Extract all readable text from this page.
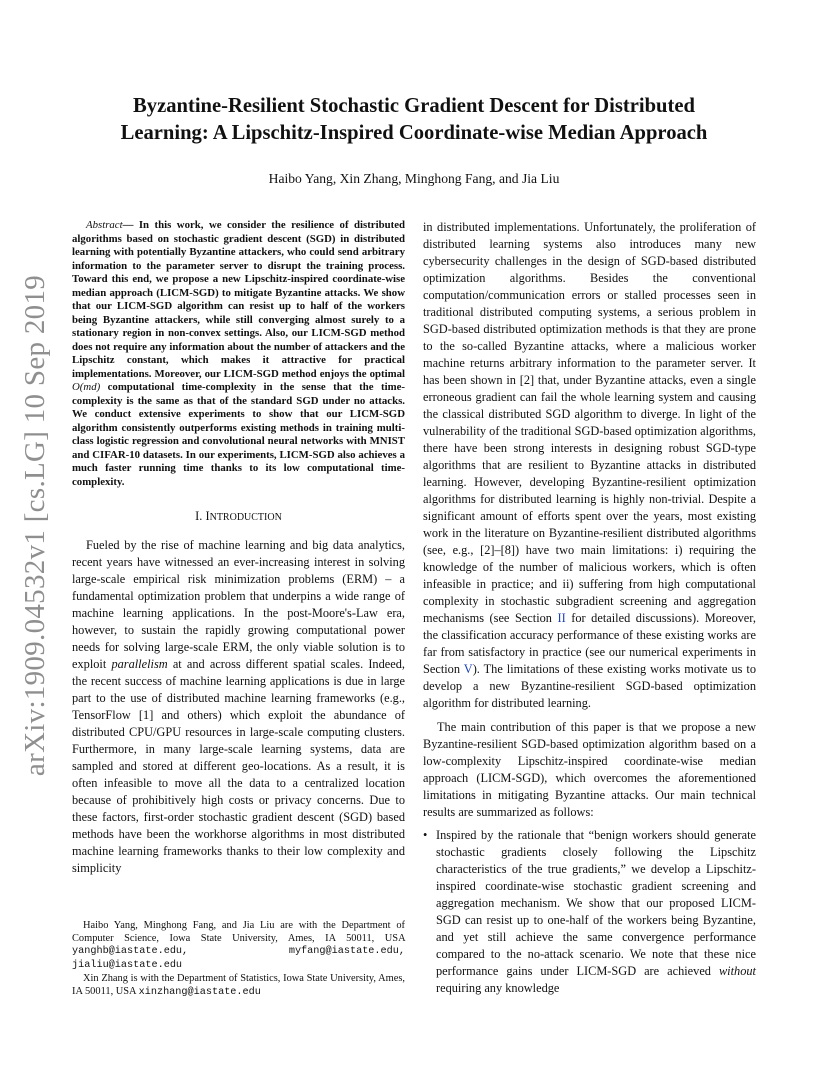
arXiv:1909.04532v1 [cs.LG] 10 Sep 2019
Byzantine-Resilient Stochastic Gradient Descent for Distributed Learning: A Lipschitz-Inspired Coordinate-wise Median Approach
Haibo Yang, Xin Zhang, Minghong Fang, and Jia Liu

Abstract— In this work, we consider the resilience of distributed algorithms based on stochastic gradient descent (SGD) in distributed learning with potentially Byzantine attackers, who could send arbitrary information to the parameter server to disrupt the training process. Toward this end, we propose a new Lipschitz-inspired coordinate-wise median approach (LICM-SGD) to mitigate Byzantine attacks. We show that our LICM-SGD algorithm can resist up to half of the workers being Byzantine attackers, while still converging almost surely to a stationary region in non-convex settings. Also, our LICM-SGD method does not require any information about the number of attackers and the Lipschitz constant, which makes it attractive for practical implementations. Moreover, our LICM-SGD method enjoys the optimal O(md) computational time-complexity in the sense that the time-complexity is the same as that of the standard SGD under no attacks. We conduct extensive experiments to show that our LICM-SGD algorithm consistently outperforms existing methods in training multi-class logistic regression and convolutional neural networks with MNIST and CIFAR-10 datasets. In our experiments, LICM-SGD also achieves a much faster running time thanks to its low computational time-complexity.

I. INTRODUCTION

Fueled by the rise of machine learning and big data analytics, recent years have witnessed an ever-increasing interest in solving large-scale empirical risk minimization problems (ERM) – a fundamental optimization problem that underpins a wide range of machine learning applications. In the post-Moore's-Law era, however, to sustain the rapidly growing computational power needs for solving large-scale ERM, the only viable solution is to exploit parallelism at and across different spatial scales. Indeed, the recent success of machine learning applications is due in large part to the use of distributed machine learning frameworks (e.g., TensorFlow [1] and others) which exploit the abundance of distributed CPU/GPU resources in large-scale computing clusters. Furthermore, in many large-scale learning systems, data are sampled and stored at different geo-locations. As a result, it is often infeasible to move all the data to a centralized location because of prohibitively high costs or privacy concerns. Due to these factors, first-order stochastic gradient descent (SGD) based methods have been the workhorse algorithms in most distributed machine learning frameworks thanks to their low complexity and simplicity

Haibo Yang, Minghong Fang, and Jia Liu are with the Department of Computer Science, Iowa State University, Ames, IA 50011, USA yanghb@iastate.edu, myfang@iastate.edu, jialiu@iastate.edu

Xin Zhang is with the Department of Statistics, Iowa State University, Ames, IA 50011, USA xinzhang@iastate.edu

in distributed implementations. Unfortunately, the proliferation of distributed learning systems also introduces many new cybersecurity challenges in the design of SGD-based distributed optimization algorithms. Besides the conventional computation/communication errors or stalled processes seen in traditional distributed computing systems, a serious problem in SGD-based distributed optimization methods is that they are prone to the so-called Byzantine attacks, where a malicious worker machine returns arbitrary information to the parameter server. It has been shown in [2] that, under Byzantine attacks, even a single erroneous gradient can fail the whole learning system and causing the classical distributed SGD algorithm to diverge. In light of the vulnerability of the traditional SGD-based optimization algorithms, there have been strong interests in designing robust SGD-type algorithms that are resilient to Byzantine attacks in distributed learning. However, developing Byzantine-resilient optimization algorithms for distributed learning is highly non-trivial. Despite a significant amount of efforts spent over the years, most existing work in the literature on Byzantine-resilient distributed algorithms (see, e.g., [2]–[8]) have two main limitations: i) requiring the knowledge of the number of malicious workers, which is often infeasible in practice; and ii) suffering from high computational complexity in stochastic subgradient screening and aggregation mechanisms (see Section II for detailed discussions). Moreover, the classification accuracy performance of these existing works are far from satisfactory in practice (see our numerical experiments in Section V). The limitations of these existing works motivate us to develop a new Byzantine-resilient SGD-based optimization algorithm for distributed learning.

The main contribution of this paper is that we propose a new Byzantine-resilient SGD-based optimization algorithm based on a low-complexity Lipschitz-inspired coordinate-wise median approach (LICM-SGD), which overcomes the aforementioned limitations in mitigating Byzantine attacks. Our main technical results are summarized as follows:

• Inspired by the rationale that “benign workers should generate stochastic gradients closely following the Lipschitz characteristics of the true gradients,” we develop a Lipschitz-inspired coordinate-wise stochastic gradient screening and aggregation mechanism. We show that our proposed LICM-SGD can resist up to one-half of the workers being Byzantine, and yet still achieve the same convergence performance compared to the no-attack scenario. We note that these nice performance gains under LICM-SGD are achieved without requiring any knowledge
